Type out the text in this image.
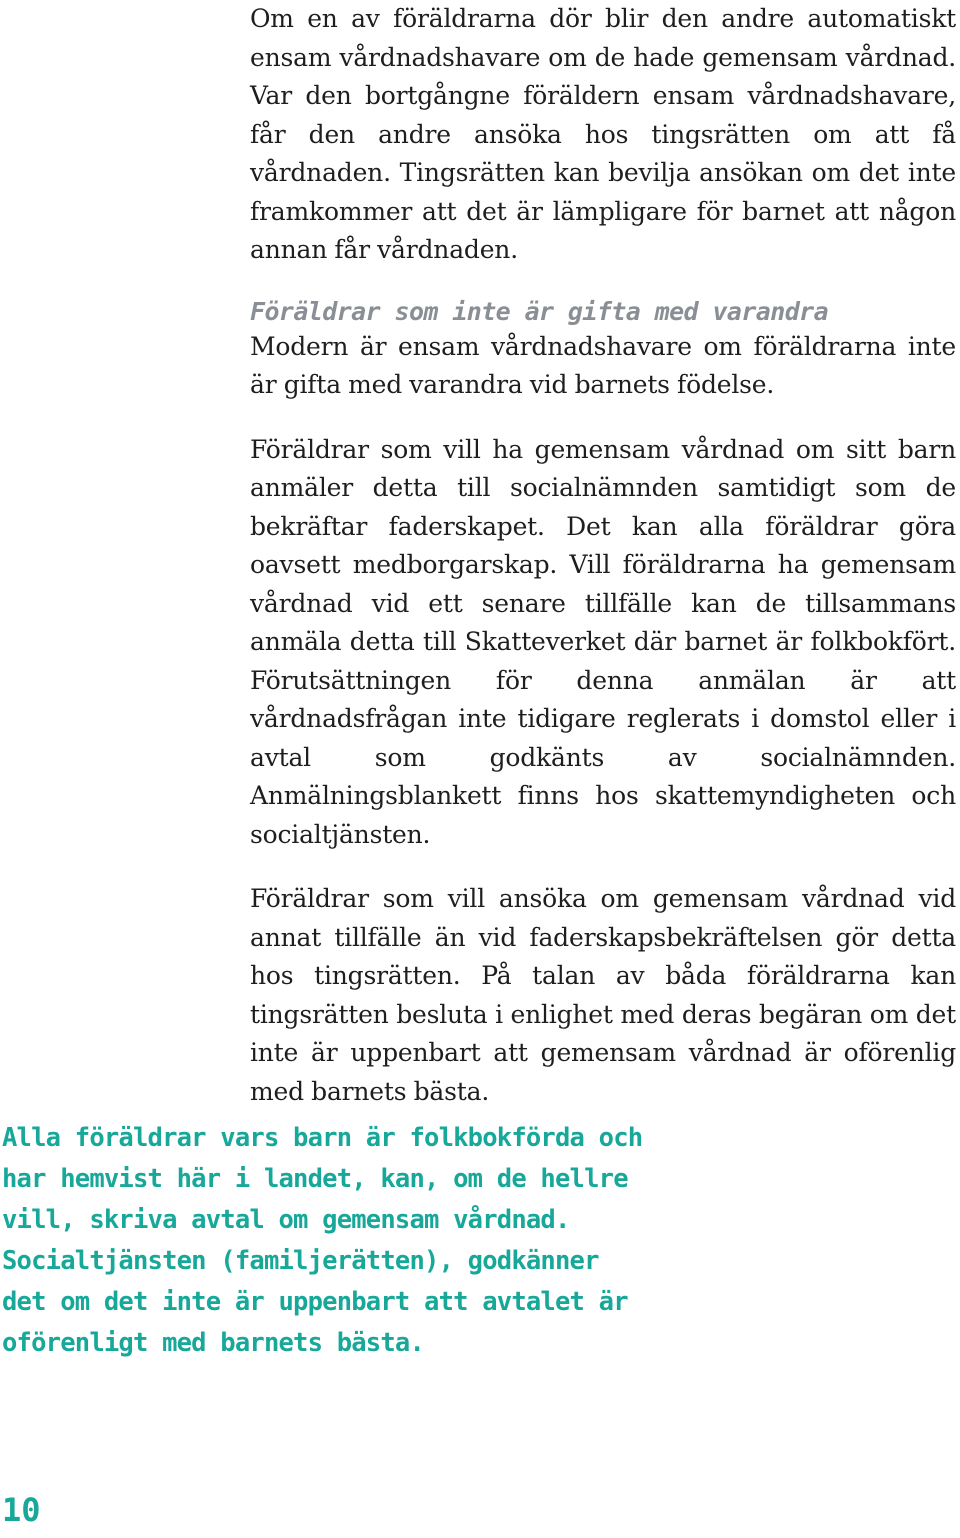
Om en av föräldrarna dör blir den andre automatiskt ensam vårdnadshavare om de hade gemensam vårdnad. Var den bortgångne föräldern ensam vårdnadshavare, får den andre ansöka hos tingsrätten om att få vårdnaden. Tingsrätten kan bevilja ansökan om det inte framkommer att det är lämpligare för barnet att någon annan får vårdnaden.

Föräldrar som inte är gifta med varandra

Modern är ensam vårdnadshavare om föräldrarna inte är gifta med varandra vid barnets födelse.

Föräldrar som vill ha gemensam vårdnad om sitt barn anmäler detta till socialnämnden samtidigt som de bekräftar faderskapet. Det kan alla föräldrar göra oavsett medborgarskap. Vill föräldrarna ha gemensam vårdnad vid ett senare tillfälle kan de tillsammans anmäla detta till Skatteverket där barnet är folkbokfört. Förutsättningen för denna anmälan är att vårdnadsfrågan inte tidigare reglerats i domstol eller i avtal som godkänts av socialnämnden. Anmälningsblankett finns hos skattemyndigheten och socialtjänsten.

Föräldrar som vill ansöka om gemensam vårdnad vid annat tillfälle än vid faderskapsbekräftelsen gör detta hos tingsrätten. På talan av båda föräldrarna kan tingsrätten besluta i enlighet med deras begäran om det inte är uppenbart att gemensam vårdnad är oförenlig med barnets bästa.

Alla föräldrar vars barn är folkbokförda och har hemvist här i landet, kan, om de hellre vill, skriva avtal om gemensam vårdnad. Socialtjänsten (familjerätten), godkänner det om det inte är uppenbart att avtalet är oförenligt med barnets bästa.

10
